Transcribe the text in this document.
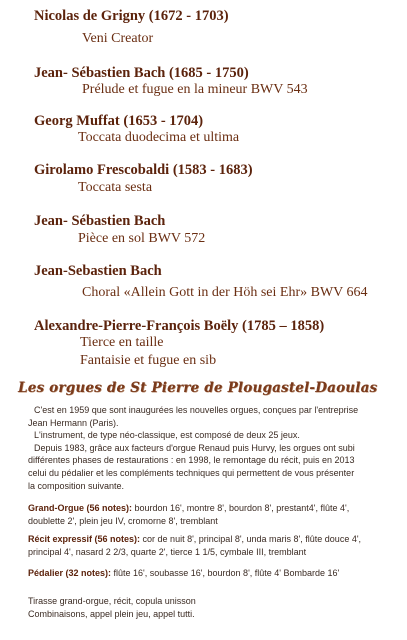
Nicolas de Grigny (1672 - 1703)
Veni Creator
Jean- Sébastien Bach (1685 - 1750)
Prélude et fugue en la mineur BWV 543
Georg Muffat (1653 - 1704)
Toccata duodecima et ultima
Girolamo Frescobaldi (1583 - 1683)
Toccata sesta
Jean- Sébastien Bach
Pièce en sol BWV 572
Jean-Sebastien Bach
Choral «Allein Gott in der Höh sei Ehr» BWV 664
Alexandre-Pierre-François Boëly (1785 – 1858)
Tierce en taille
Fantaisie et fugue en sib
Les orgues de St Pierre de Plougastel-Daoulas
C'est en 1959 que sont inaugurées les nouvelles orgues, conçues par l'entreprise
Jean Hermann (Paris).
L'instrument, de type néo-classique, est composé de deux 25 jeux.
Depuis 1983, grâce aux facteurs d'orgue Renaud puis Hurvy, les orgues ont subi
différentes phases de restaurations : en 1998, le remontage du récit, puis en 2013
celui du pédalier et les compléments techniques qui permettent de vous présenter
la composition suivante.
Grand-Orgue (56 notes): bourdon 16', montre 8', bourdon 8', prestant4', flûte 4',
doublette 2', plein jeu IV, cromorne 8', tremblant
Récit expressif (56 notes): cor de nuit 8', principal 8', unda maris 8', flûte douce 4',
principal 4', nasard 2 2/3, quarte 2', tierce 1 1/5, cymbale III, tremblant
Pédalier (32 notes): flûte 16', soubasse 16', bourdon 8', flûte 4' Bombarde 16'
Tirasse grand-orgue, récit, copula unisson
Combinaisons, appel plein jeu, appel tutti.
